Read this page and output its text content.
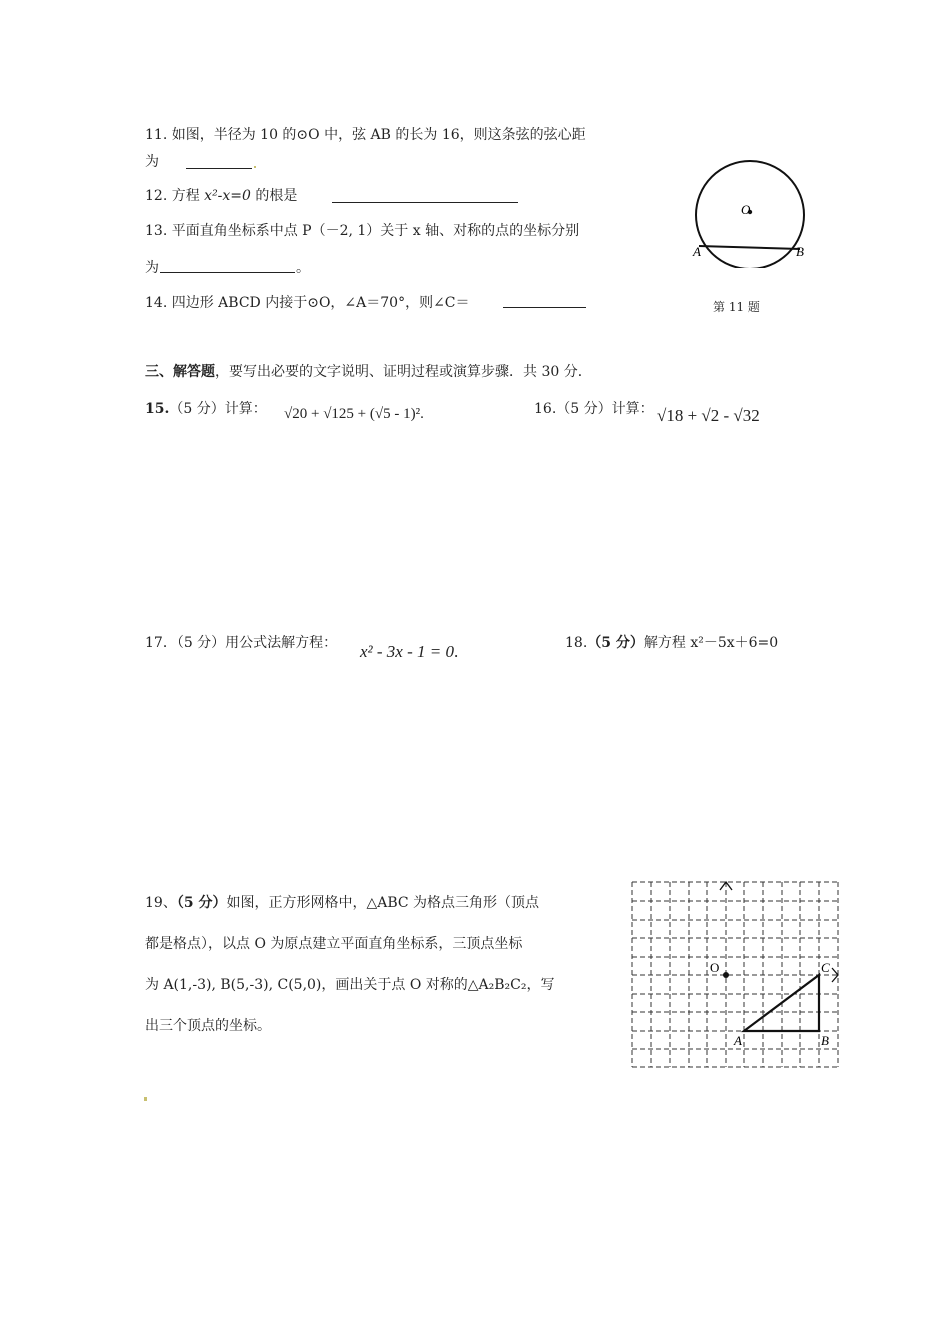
11. 如图，半径为 10 的⊙O 中，弦 AB 的长为 16，则这条弦的弦心距
为
12. 方程 x²-x=0 的根是
13. 平面直角坐标系中点 P（－2, 1）关于 x 轴、对称的点的坐标分别
为	。
14. 四边形 ABCD 内接于⊙O，∠A＝70°，则∠C＝
O
A	B
第 11 题
三、解答题，要写出必要的文字说明、证明过程或演算步骤．共 30 分．
15.（5 分）计算： √20 + √125 + (√5 - 1)².	16.（5 分）计算： √18 + √2 - √32
17．（5 分）用公式法解方程： x² - 3x - 1 = 0.	18.（5 分）解方程 x²－5x＋6=0
19、（5 分）如图，正方形网格中，△ABC 为格点三角形（顶点
都是格点），以点 O 为原点建立平面直角坐标系，三顶点坐标
为 A(1,-3), B(5,-3), C(5,0)，画出关于点 O 对称的△A₂B₂C₂，写
出三个顶点的坐标。
O
A	B
C
